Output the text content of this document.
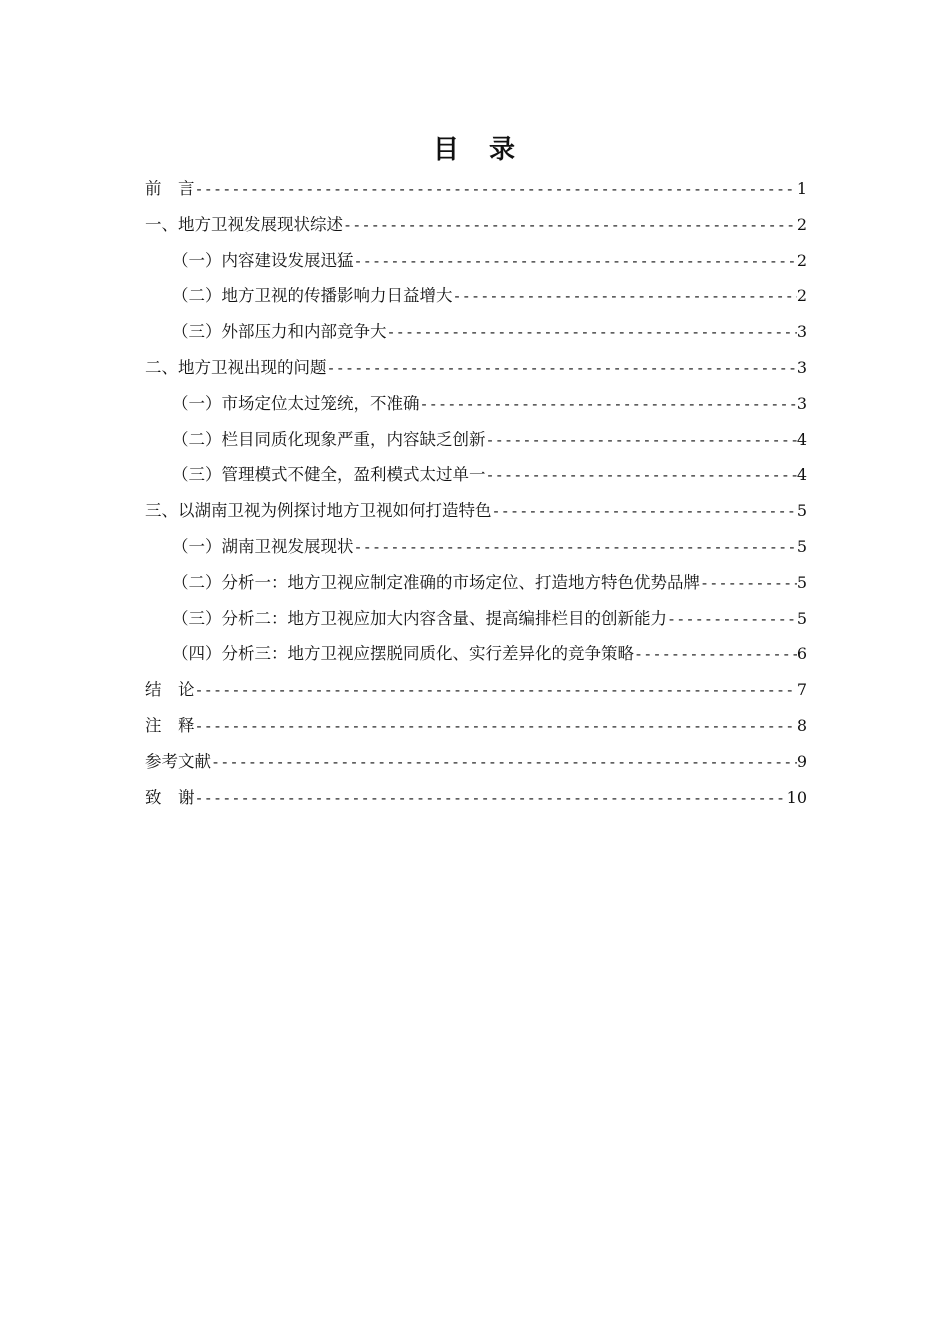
目　录
前　言 -----	1
一、地方卫视发展现状综述 -----	2
（一）内容建设发展迅猛 -----	2
（二）地方卫视的传播影响力日益增大 -----	2
（三）外部压力和内部竞争大 -----	3
二、地方卫视出现的问题 -----	3
（一）市场定位太过笼统，不准确 -----	3
（二）栏目同质化现象严重，内容缺乏创新 -----	4
（三）管理模式不健全，盈利模式太过单一 -----	4
三、以湖南卫视为例探讨地方卫视如何打造特色 -----	5
（一）湖南卫视发展现状 -----	5
（二）分析一：地方卫视应制定准确的市场定位、打造地方特色优势品牌 -----	5
（三）分析二：地方卫视应加大内容含量、提高编排栏目的创新能力 -----	5
（四）分析三：地方卫视应摆脱同质化、实行差异化的竞争策略 -----	6
结　论 -----	7
注　释 -----	8
参考文献 -----	9
致　谢 -----	10
